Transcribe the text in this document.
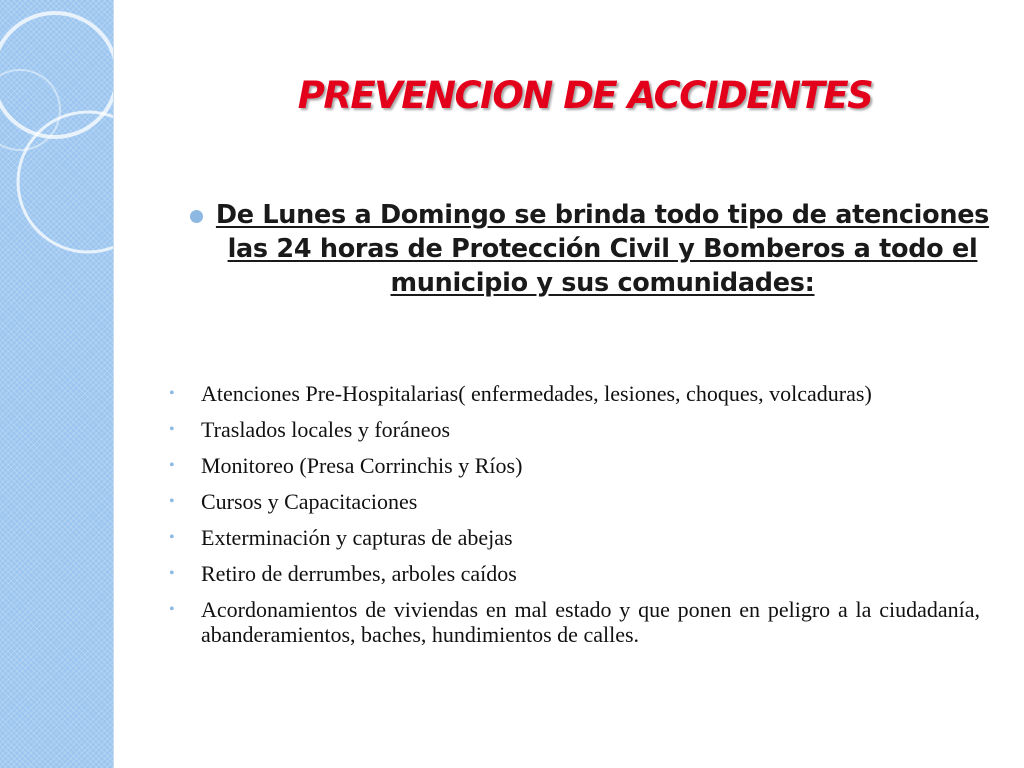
PREVENCION DE ACCIDENTES

De Lunes a Domingo se brinda todo tipo de atenciones las 24 horas de Protección Civil y Bomberos a todo el municipio y sus comunidades:

• Atenciones Pre-Hospitalarias( enfermedades, lesiones, choques, volcaduras)
• Traslados locales y foráneos
• Monitoreo (Presa Corrinchis y Ríos)
• Cursos y Capacitaciones
• Exterminación y capturas de abejas
• Retiro de derrumbes, arboles caídos
• Acordonamientos de viviendas en mal estado y que ponen en peligro a la ciudadanía, abanderamientos, baches, hundimientos de calles.
